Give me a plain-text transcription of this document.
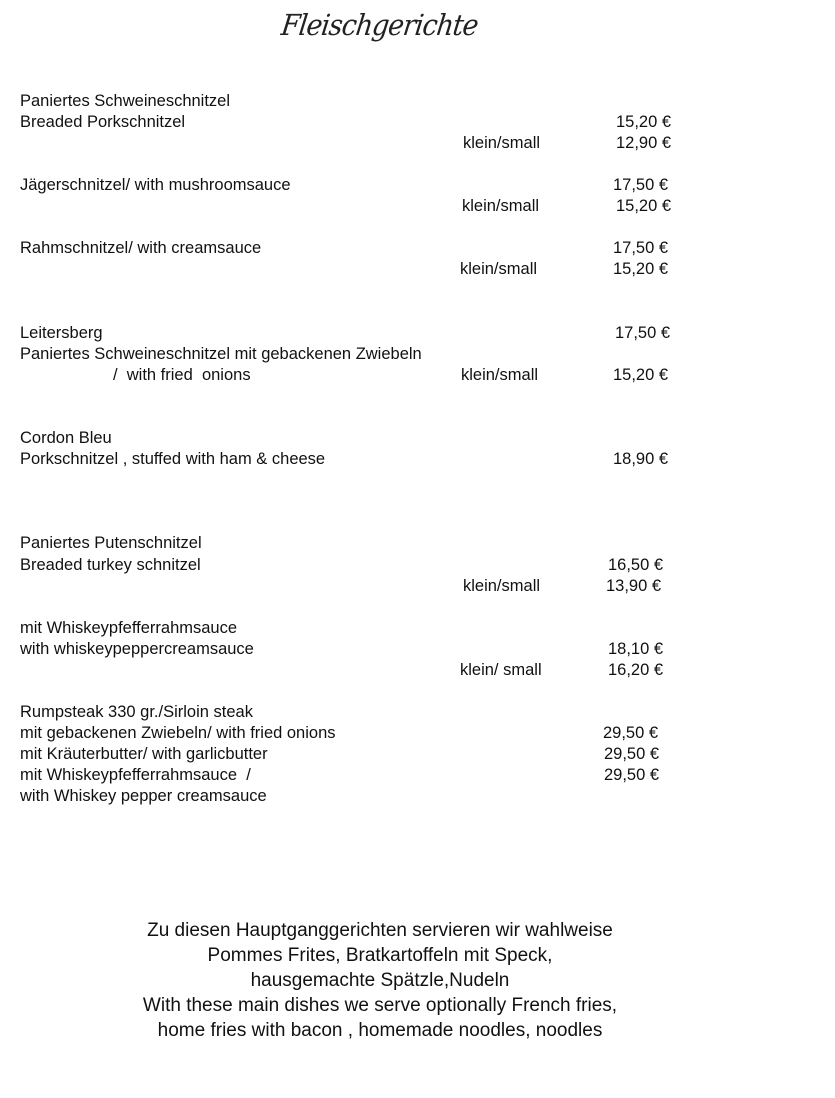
Fleischgerichte
Paniertes Schweineschnitzel
Breaded Porkschnitzel	15,20 €
klein/small	12,90 €
Jägerschnitzel/ with mushroomsauce	17,50 €
klein/small	15,20 €
Rahmschnitzel/ with creamsauce	17,50 €
klein/small	15,20 €
Leitersberg	17,50 €
Paniertes Schweineschnitzel mit gebackenen Zwiebeln
/  with fried  onions	klein/small	15,20 €
Cordon Bleu
Porkschnitzel , stuffed with ham & cheese	18,90 €
Paniertes Putenschnitzel
Breaded turkey schnitzel	16,50 €
klein/small	13,90 €
mit Whiskeypfefferrahmsauce
with whiskeypeppercreamsauce	18,10 €
klein/ small	16,20 €
Rumpsteak 330 gr./Sirloin steak
mit gebackenen Zwiebeln/ with fried onions	29,50 €
mit Kräuterbutter/ with garlicbutter	29,50 €
mit Whiskeypfefferrahmsauce  /	29,50 €
with Whiskey pepper creamsauce
Zu diesen Hauptganggerichten servieren wir wahlweise
Pommes Frites, Bratkartoffeln mit Speck,
hausgemachte Spätzle,Nudeln
With these main dishes we serve optionally French fries,
home fries with bacon , homemade noodles, noodles
